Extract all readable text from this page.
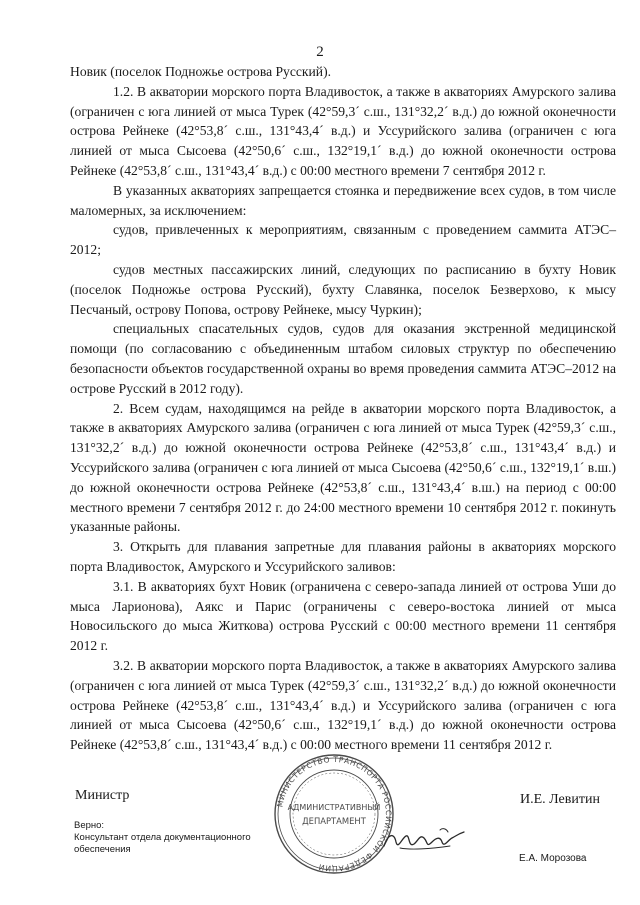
2

Новик (поселок Подножье острова Русский).

1.2. В акватории морского порта Владивосток, а также в акваториях Амурского залива (ограничен с юга линией от мыса Турек (42°59,3´ с.ш., 131°32,2´ в.д.) до южной оконечности острова Рейнеке (42°53,8´ с.ш., 131°43,4´ в.д.) и Уссурийского залива (ограничен с юга линией от мыса Сысоева (42°50,6´ с.ш., 132°19,1´ в.д.) до южной оконечности острова Рейнеке (42°53,8´ с.ш., 131°43,4´ в.д.) с 00:00 местного времени 7 сентября 2012 г.

В указанных акваториях запрещается стоянка и передвижение всех судов, в том числе маломерных, за исключением:

судов, привлеченных к мероприятиям, связанным с проведением саммита АТЭС–2012;

судов местных пассажирских линий, следующих по расписанию в бухту Новик (поселок Подножье острова Русский), бухту Славянка, поселок Безверхово, к мысу Песчаный, острову Попова, острову Рейнеке, мысу Чуркин);

специальных спасательных судов, судов для оказания экстренной медицинской помощи (по согласованию с объединенным штабом силовых структур по обеспечению безопасности объектов государственной охраны во время проведения саммита АТЭС–2012 на острове Русский в 2012 году).

2. Всем судам, находящимся на рейде в акватории морского порта Владивосток, а также в акваториях Амурского залива (ограничен с юга линией от мыса Турек (42°59,3´ с.ш., 131°32,2´ в.д.) до южной оконечности острова Рейнеке (42°53,8´ с.ш., 131°43,4´ в.д.) и Уссурийского залива (ограничен с юга линией от мыса Сысоева (42°50,6´ с.ш., 132°19,1´ в.ш.) до южной оконечности острова Рейнеке (42°53,8´ с.ш., 131°43,4´ в.ш.) на период с 00:00 местного времени 7 сентября 2012 г. до 24:00 местного времени 10 сентября 2012 г. покинуть указанные районы.

3. Открыть для плавания запретные для плавания районы в акваториях морского порта Владивосток, Амурского и Уссурийского заливов:

3.1. В акваториях бухт Новик (ограничена с северо-запада линией от острова Уши до мыса Ларионова), Аякс и Парис (ограничены с северо-востока линией от мыса Новосильского до мыса Житкова) острова Русский с 00:00 местного времени 11 сентября 2012 г.

3.2. В акватории морского порта Владивосток, а также в акваториях Амурского залива (ограничен с юга линией от мыса Турек (42°59,3´ с.ш., 131°32,2´ в.д.) до южной оконечности острова Рейнеке (42°53,8´ с.ш., 131°43,4´ в.д.) и Уссурийского залива (ограничен с юга линией от мыса Сысоева (42°50,6´ с.ш., 132°19,1´ в.д.) до южной оконечности острова Рейнеке (42°53,8´ с.ш., 131°43,4´ в.д.) с 00:00 местного времени 11 сентября 2012 г.

Министр	И.Е. Левитин
МИНИСТЕРСТВО ТРАНСПОРТА РОССИЙСКОЙ ФЕДЕРАЦИИ
АДМИНИСТРАТИВНЫЙ
ДЕПАРТАМЕНТ
Верно:
Консультант отдела документационного
обеспечения
Е.А. Морозова
